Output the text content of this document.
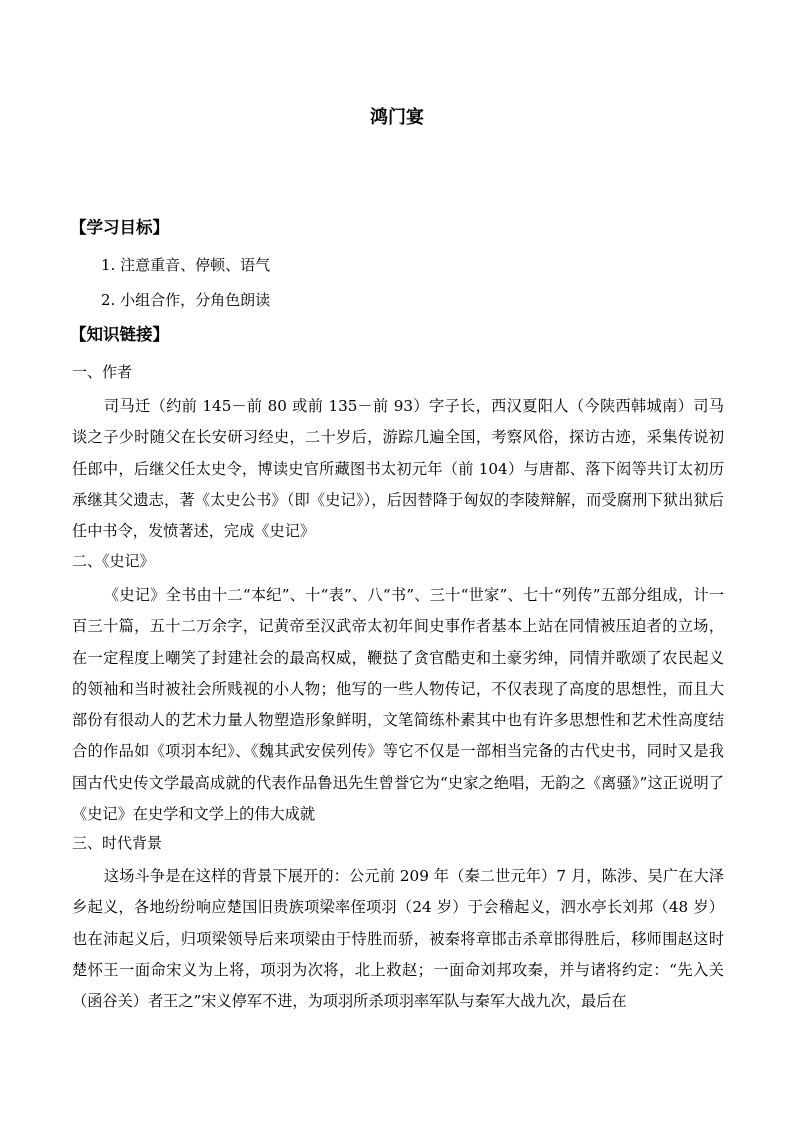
鸿门宴
【学习目标】
1. 注意重音、停顿、语气
2. 小组合作，分角色朗读
【知识链接】
一、作者
司马迁（约前 145－前 80 或前 135－前 93）字子长，西汉夏阳人（今陕西韩城南）司马谈之子少时随父在长安研习经史，二十岁后，游踪几遍全国，考察风俗，探访古迹，采集传说初任郎中，后继父任太史令，博读史官所藏图书太初元年（前 104）与唐都、落下闳等共订太初历承继其父遗志，著《太史公书》（即《史记》），后因替降于匈奴的李陵辩解，而受腐刑下狱出狱后任中书令，发愤著述，完成《史记》
二、《史记》
《史记》全书由十二“本纪”、十“表”、八“书”、三十“世家”、七十“列传”五部分组成，计一百三十篇，五十二万余字，记黄帝至汉武帝太初年间史事作者基本上站在同情被压迫者的立场，在一定程度上嘲笑了封建社会的最高权威，鞭挞了贪官酷吏和土豪劣绅，同情并歌颂了农民起义的领袖和当时被社会所贱视的小人物；他写的一些人物传记，不仅表现了高度的思想性，而且大部份有很动人的艺术力量人物塑造形象鲜明，文笔简练朴素其中也有许多思想性和艺术性高度结合的作品如《项羽本纪》、《魏其武安侯列传》等它不仅是一部相当完备的古代史书，同时又是我国古代史传文学最高成就的代表作品鲁迅先生曾誉它为“史家之绝唱，无韵之《离骚》”这正说明了《史记》在史学和文学上的伟大成就
三、时代背景
这场斗争是在这样的背景下展开的：公元前 209 年（秦二世元年）7 月，陈涉、吴广在大泽乡起义，各地纷纷响应楚国旧贵族项梁率侄项羽（24 岁）于会稽起义，泗水亭长刘邦（48 岁）也在沛起义后，归项梁领导后来项梁由于恃胜而骄，被秦将章邯击杀章邯得胜后，移师围赵这时楚怀王一面命宋义为上将，项羽为次将，北上救赵；一面命刘邦攻秦，并与诸将约定：“先入关（函谷关）者王之”宋义停军不进，为项羽所杀项羽率军队与秦军大战九次，最后在
